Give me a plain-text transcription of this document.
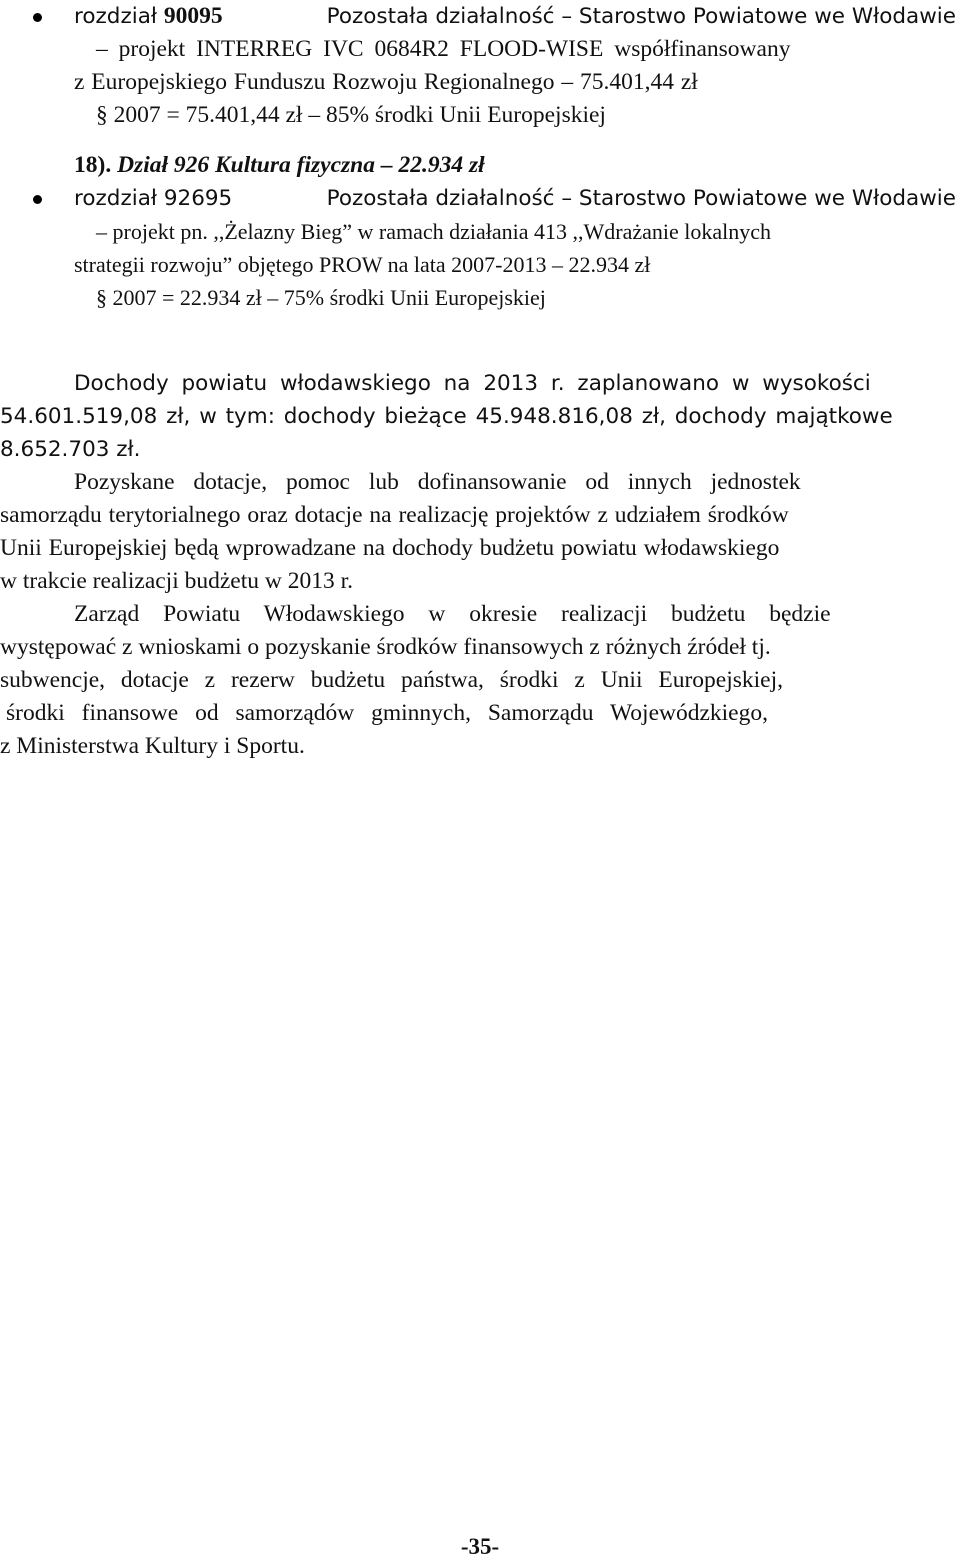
rozdział 90095	Pozostała działalność – Starostwo Powiatowe we Włodawie
– projekt INTERREG IVC 0684R2 FLOOD-WISE współfinansowany
z Europejskiego Funduszu Rozwoju Regionalnego – 75.401,44 zł
§ 2007 = 75.401,44 zł – 85% środki Unii Europejskiej
18). Dział 926 Kultura fizyczna – 22.934 zł
rozdział 92695	Pozostała działalność – Starostwo Powiatowe we Włodawie
– projekt pn. ,,Żelazny Bieg” w ramach działania 413 ,,Wdrażanie lokalnych
strategii rozwoju” objętego PROW na lata 2007-2013 – 22.934 zł
§ 2007 = 22.934 zł – 75% środki Unii Europejskiej
Dochody powiatu włodawskiego na 2013 r. zaplanowano w wysokości
54.601.519,08 zł, w tym: dochody bieżące 45.948.816,08 zł, dochody majątkowe
8.652.703 zł.
Pozyskane dotacje, pomoc lub dofinansowanie od innych jednostek
samorządu terytorialnego oraz dotacje na realizację projektów z udziałem środków
Unii Europejskiej będą wprowadzane na dochody budżetu powiatu włodawskiego
w trakcie realizacji budżetu w 2013 r.
Zarząd Powiatu Włodawskiego w okresie realizacji budżetu będzie
występować z wnioskami o pozyskanie środków finansowych z różnych źródeł tj.
subwencje, dotacje z rezerw budżetu państwa, środki z Unii Europejskiej,
środki finansowe od samorządów gminnych, Samorządu Wojewódzkiego,
z Ministerstwa Kultury i Sportu.
-35-
